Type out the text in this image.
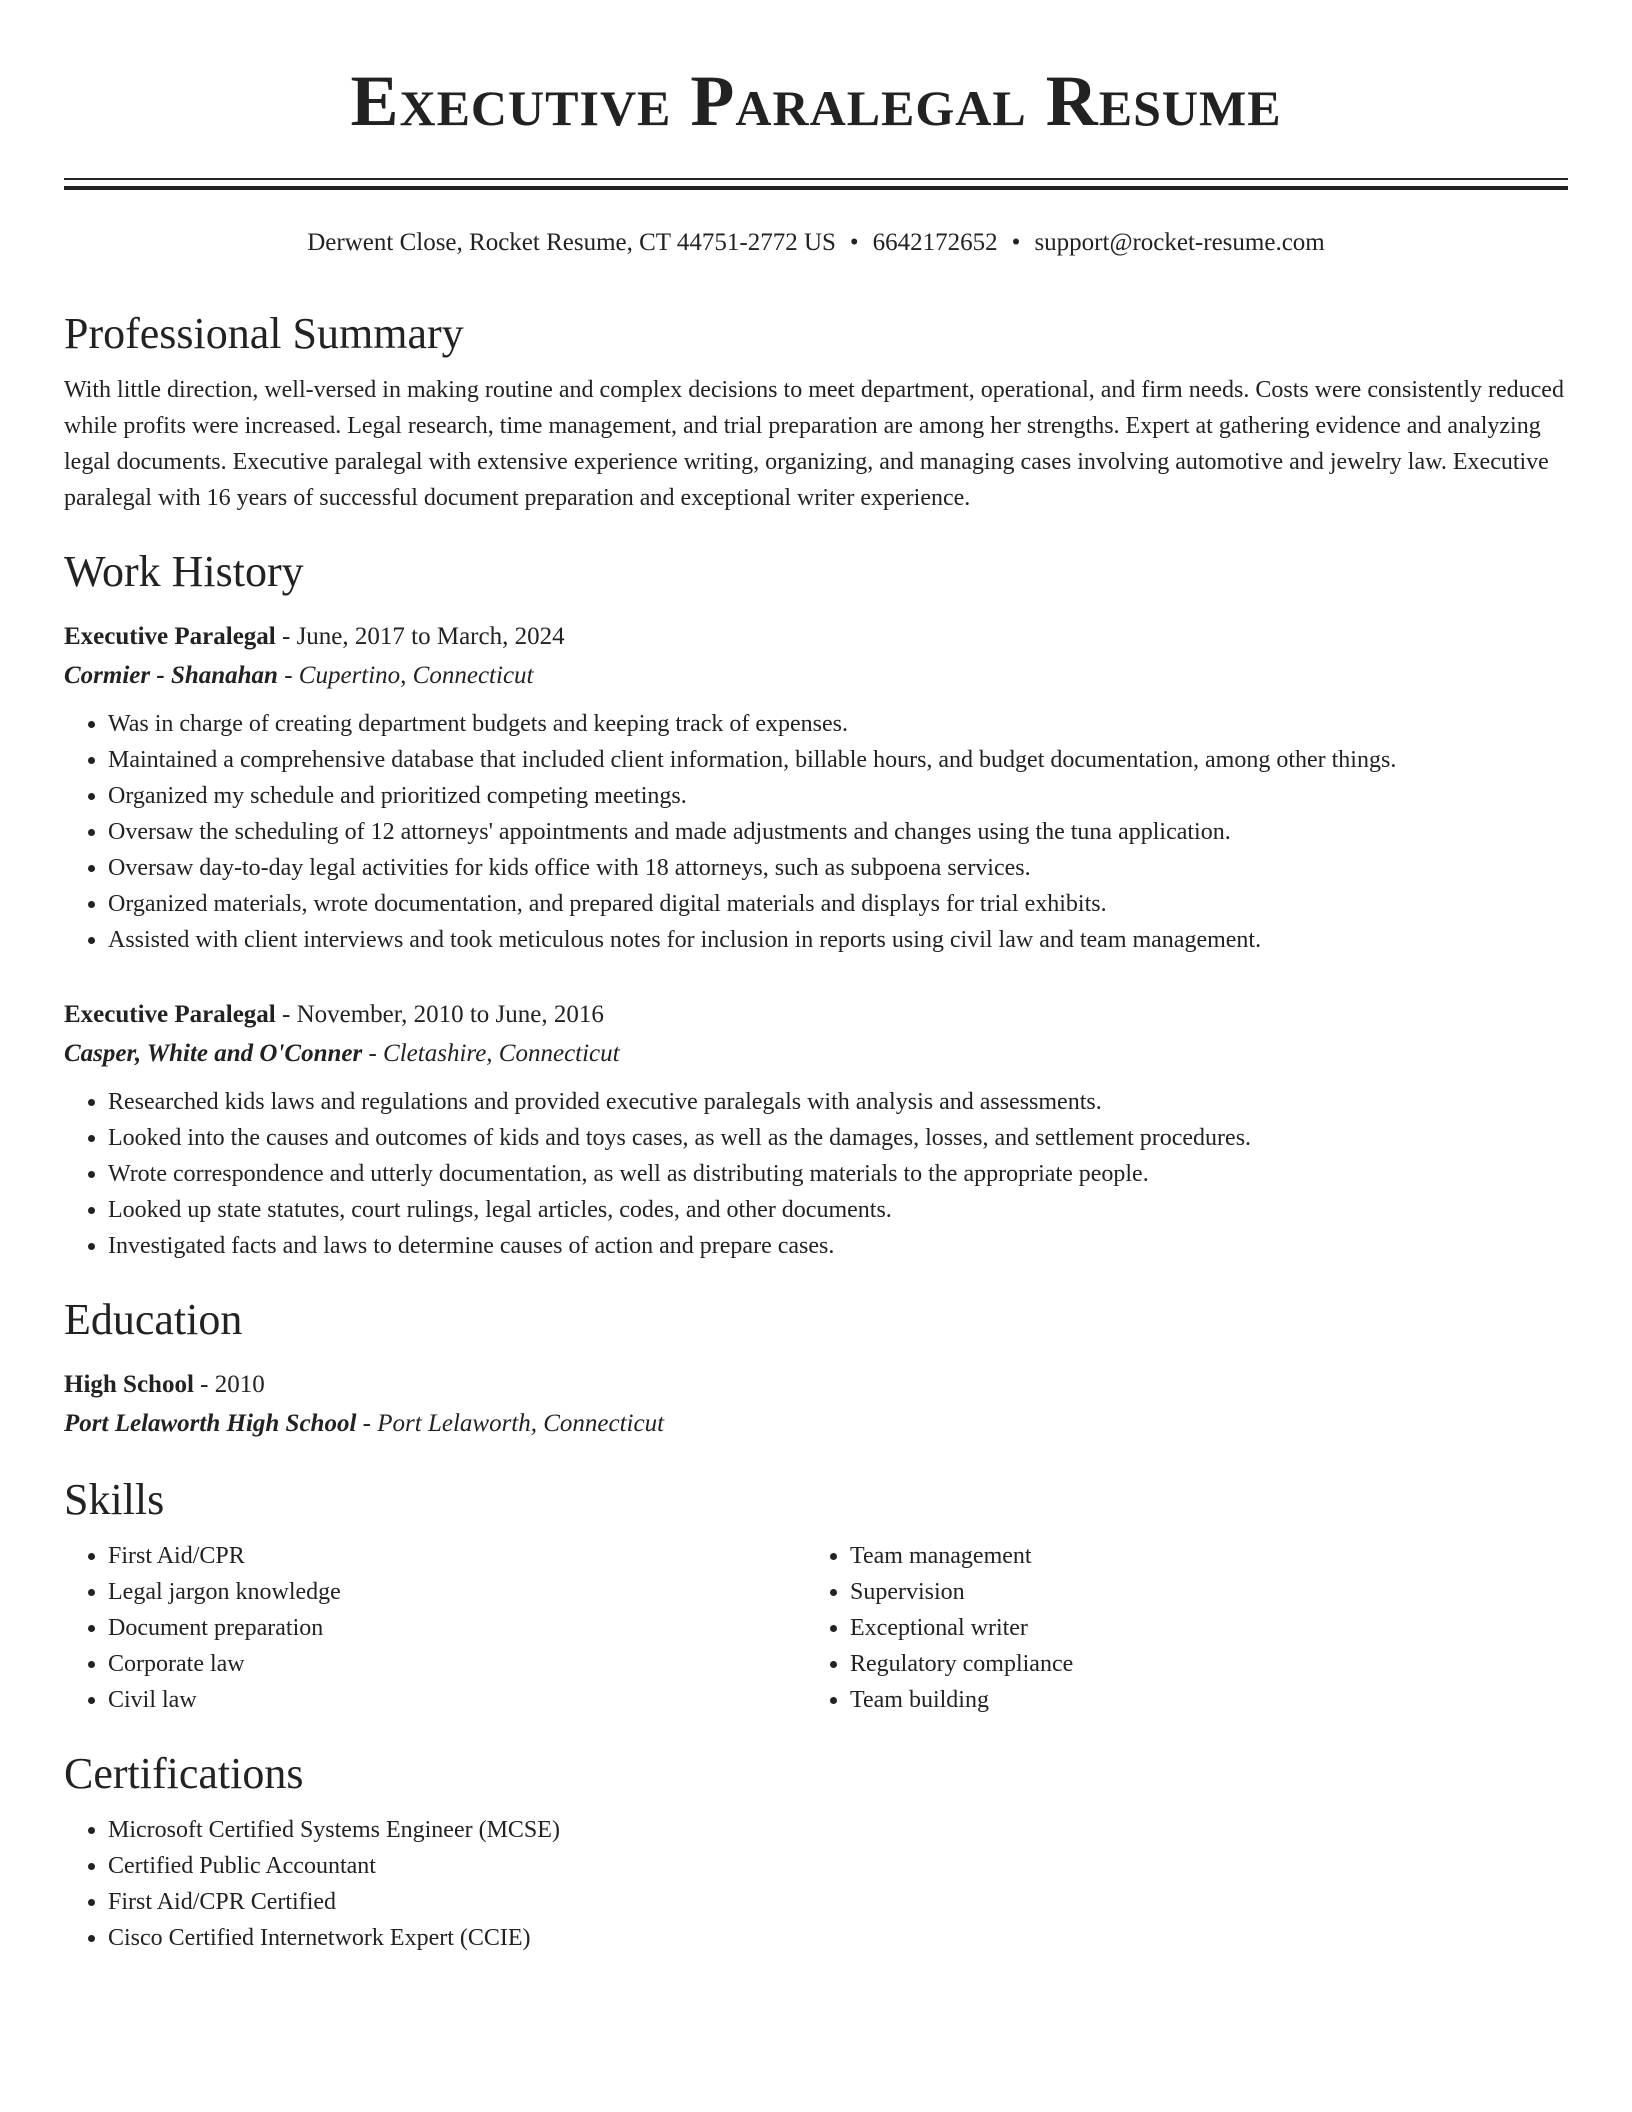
Executive Paralegal Resume
Derwent Close, Rocket Resume, CT 44751-2772 US • 6642172652 • support@rocket-resume.com
Professional Summary

With little direction, well-versed in making routine and complex decisions to meet department, operational, and firm needs. Costs were consistently reduced while profits were increased. Legal research, time management, and trial preparation are among her strengths. Expert at gathering evidence and analyzing legal documents. Executive paralegal with extensive experience writing, organizing, and managing cases involving automotive and jewelry law. Executive paralegal with 16 years of successful document preparation and exceptional writer experience.

Work History
Executive Paralegal - June, 2017 to March, 2024
Cormier - Shanahan - Cupertino, Connecticut
• Was in charge of creating department budgets and keeping track of expenses.
• Maintained a comprehensive database that included client information, billable hours, and budget documentation, among other things.
• Organized my schedule and prioritized competing meetings.
• Oversaw the scheduling of 12 attorneys' appointments and made adjustments and changes using the tuna application.
• Oversaw day-to-day legal activities for kids office with 18 attorneys, such as subpoena services.
• Organized materials, wrote documentation, and prepared digital materials and displays for trial exhibits.
• Assisted with client interviews and took meticulous notes for inclusion in reports using civil law and team management.
Executive Paralegal - November, 2010 to June, 2016
Casper, White and O'Conner - Cletashire, Connecticut
• Researched kids laws and regulations and provided executive paralegals with analysis and assessments.
• Looked into the causes and outcomes of kids and toys cases, as well as the damages, losses, and settlement procedures.
• Wrote correspondence and utterly documentation, as well as distributing materials to the appropriate people.
• Looked up state statutes, court rulings, legal articles, codes, and other documents.
• Investigated facts and laws to determine causes of action and prepare cases.
Education
High School - 2010
Port Lelaworth High School - Port Lelaworth, Connecticut
Skills
• First Aid/CPR
• Legal jargon knowledge
• Document preparation
• Corporate law
• Civil law
• Team management
• Supervision
• Exceptional writer
• Regulatory compliance
• Team building
Certifications
• Microsoft Certified Systems Engineer (MCSE)
• Certified Public Accountant
• First Aid/CPR Certified
• Cisco Certified Internetwork Expert (CCIE)
